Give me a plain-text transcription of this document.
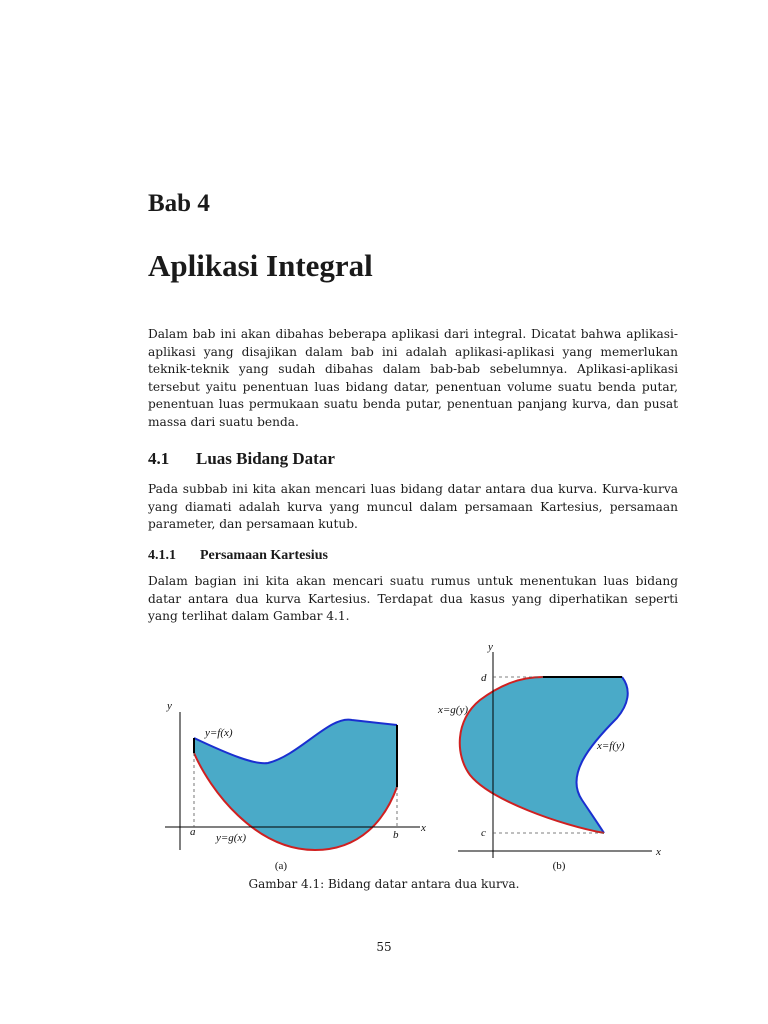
Bab 4
Aplikasi Integral

Dalam bab ini akan dibahas beberapa aplikasi dari integral. Dicatat bahwa aplikasi-aplikasi yang disajikan dalam bab ini adalah aplikasi-aplikasi yang memerlukan teknik-teknik yang sudah dibahas dalam bab-bab sebelumnya. Aplikasi-aplikasi tersebut yaitu penentuan luas bidang datar, penentuan volume suatu benda putar, penentuan luas permukaan suatu benda putar, penentuan panjang kurva, dan pusat massa dari suatu benda.

4.1 Luas Bidang Datar

Pada subbab ini kita akan mencari luas bidang datar antara dua kurva. Kurva-kurva yang diamati adalah kurva yang muncul dalam persamaan Kartesius, persamaan parameter, dan persamaan kutub.

4.1.1 Persamaan Kartesius

Dalam bagian ini kita akan mencari suatu rumus untuk menentukan luas bidang datar antara dua kurva Kartesius. Terdapat dua kasus yang diperhatikan seperti yang terlihat dalam Gambar 4.1.

y
x
y=f(x)
y=g(x)
a	b
(a)
y
x
x=g(y)
x=f(y)
d
c
(b)
Gambar 4.1: Bidang datar antara dua kurva.
55
